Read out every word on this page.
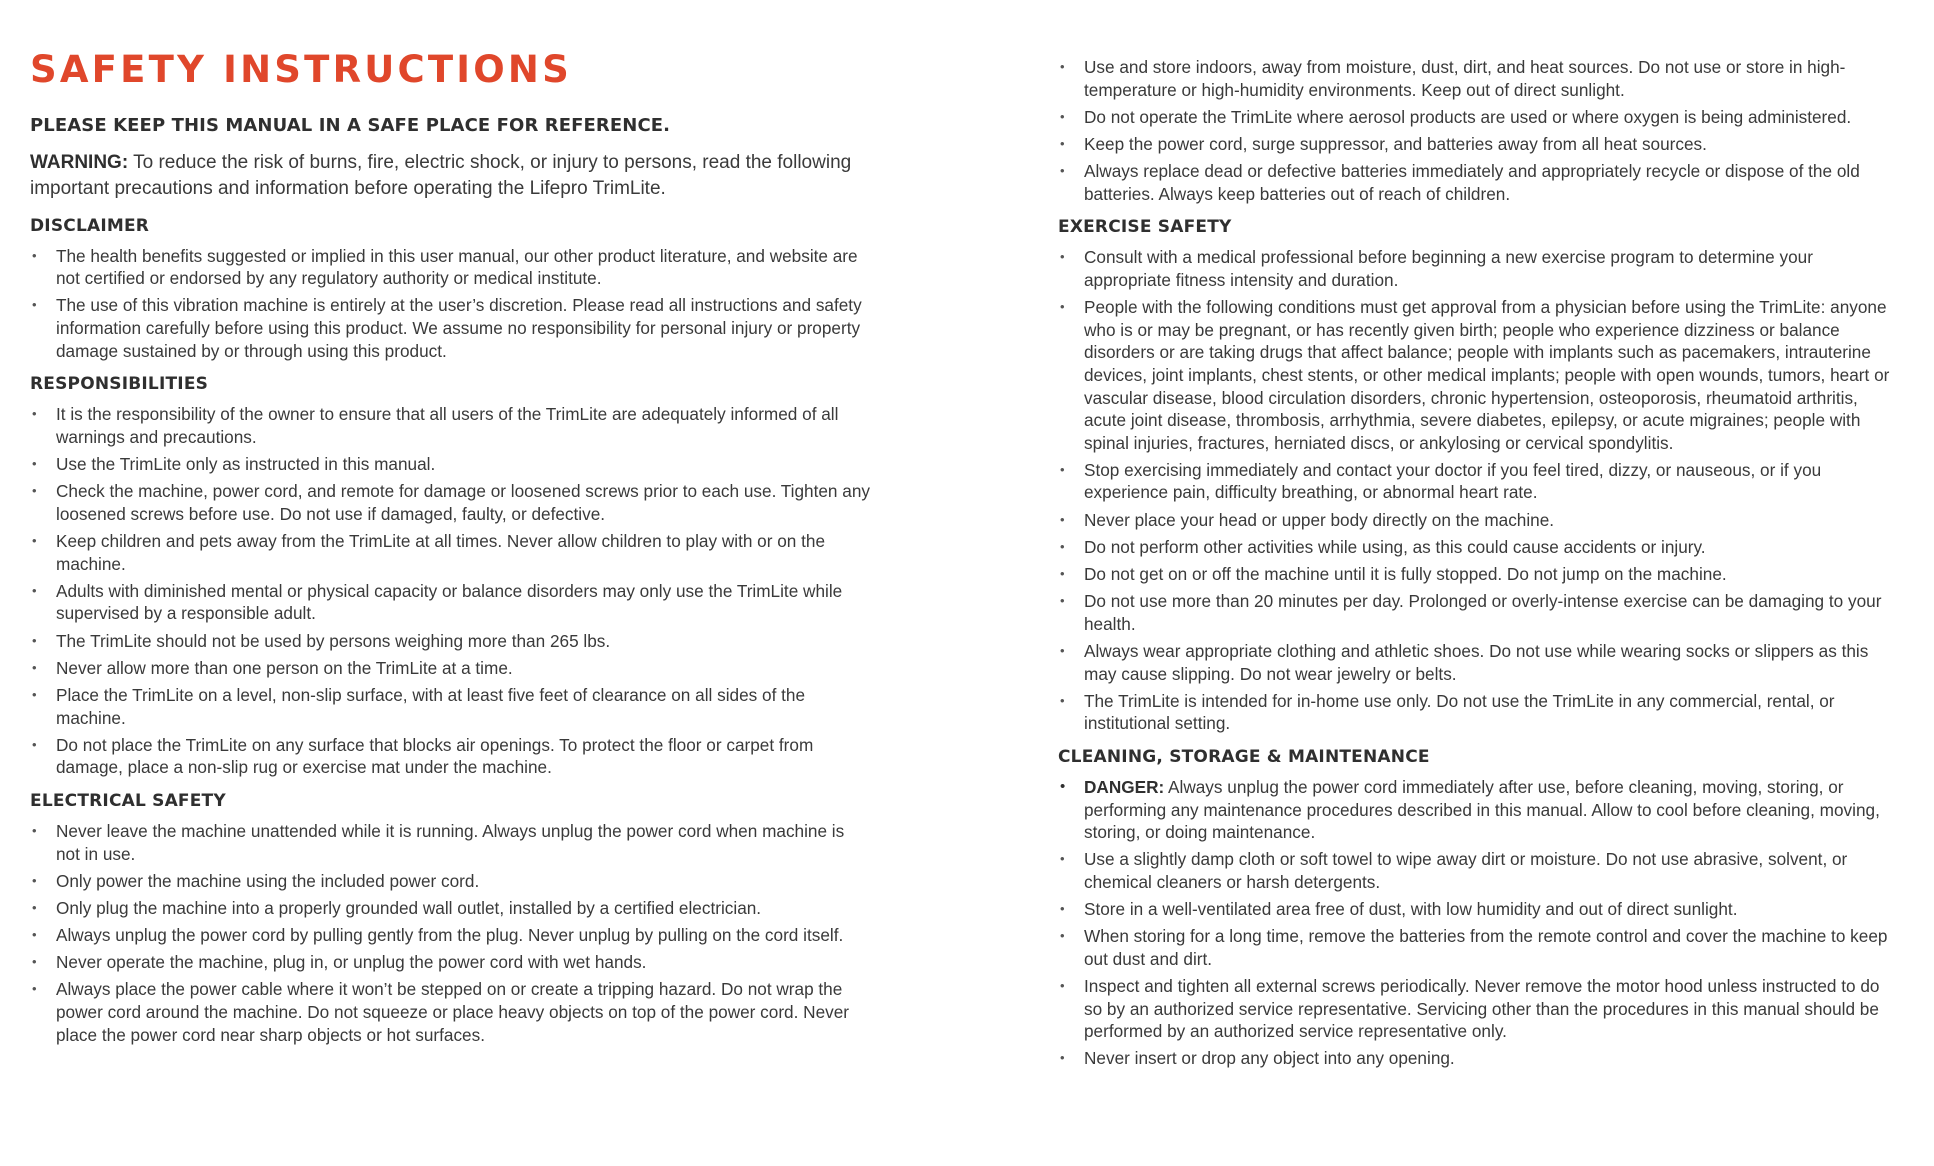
SAFETY INSTRUCTIONS
PLEASE KEEP THIS MANUAL IN A SAFE PLACE FOR REFERENCE.

WARNING: To reduce the risk of burns, fire, electric shock, or injury to persons, read the following important precautions and information before operating the Lifepro TrimLite.

DISCLAIMER
• The health benefits suggested or implied in this user manual, our other product literature, and website are not certified or endorsed by any regulatory authority or medical institute.
• The use of this vibration machine is entirely at the user’s discretion. Please read all instructions and safety information carefully before using this product. We assume no responsibility for personal injury or property damage sustained by or through using this product.
RESPONSIBILITIES
• It is the responsibility of the owner to ensure that all users of the TrimLite are adequately informed of all warnings and precautions.
• Use the TrimLite only as instructed in this manual.
• Check the machine, power cord, and remote for damage or loosened screws prior to each use. Tighten any loosened screws before use. Do not use if damaged, faulty, or defective.
• Keep children and pets away from the TrimLite at all times. Never allow children to play with or on the machine.
• Adults with diminished mental or physical capacity or balance disorders may only use the TrimLite while supervised by a responsible adult.
• The TrimLite should not be used by persons weighing more than 265 lbs.
• Never allow more than one person on the TrimLite at a time.
• Place the TrimLite on a level, non-slip surface, with at least five feet of clearance on all sides of the machine.
• Do not place the TrimLite on any surface that blocks air openings. To protect the floor or carpet from damage, place a non-slip rug or exercise mat under the machine.
ELECTRICAL SAFETY
• Never leave the machine unattended while it is running. Always unplug the power cord when machine is not in use.
• Only power the machine using the included power cord.
• Only plug the machine into a properly grounded wall outlet, installed by a certified electrician.
• Always unplug the power cord by pulling gently from the plug. Never unplug by pulling on the cord itself.
• Never operate the machine, plug in, or unplug the power cord with wet hands.
• Always place the power cable where it won’t be stepped on or create a tripping hazard. Do not wrap the power cord around the machine. Do not squeeze or place heavy objects on top of the power cord. Never place the power cord near sharp objects or hot surfaces.
• Use and store indoors, away from moisture, dust, dirt, and heat sources. Do not use or store in high-temperature or high-humidity environments. Keep out of direct sunlight.
• Do not operate the TrimLite where aerosol products are used or where oxygen is being administered.
• Keep the power cord, surge suppressor, and batteries away from all heat sources.
• Always replace dead or defective batteries immediately and appropriately recycle or dispose of the old batteries. Always keep batteries out of reach of children.
EXERCISE SAFETY
• Consult with a medical professional before beginning a new exercise program to determine your appropriate fitness intensity and duration.
• People with the following conditions must get approval from a physician before using the TrimLite: anyone who is or may be pregnant, or has recently given birth; people who experience dizziness or balance disorders or are taking drugs that affect balance; people with implants such as pacemakers, intrauterine devices, joint implants, chest stents, or other medical implants; people with open wounds, tumors, heart or vascular disease, blood circulation disorders, chronic hypertension, osteoporosis, rheumatoid arthritis, acute joint disease, thrombosis, arrhythmia, severe diabetes, epilepsy, or acute migraines; people with spinal injuries, fractures, herniated discs, or ankylosing or cervical spondylitis.
• Stop exercising immediately and contact your doctor if you feel tired, dizzy, or nauseous, or if you experience pain, difficulty breathing, or abnormal heart rate.
• Never place your head or upper body directly on the machine.
• Do not perform other activities while using, as this could cause accidents or injury.
• Do not get on or off the machine until it is fully stopped. Do not jump on the machine.
• Do not use more than 20 minutes per day. Prolonged or overly-intense exercise can be damaging to your health.
• Always wear appropriate clothing and athletic shoes. Do not use while wearing socks or slippers as this may cause slipping. Do not wear jewelry or belts.
• The TrimLite is intended for in-home use only. Do not use the TrimLite in any commercial, rental, or institutional setting.
CLEANING, STORAGE & MAINTENANCE
• DANGER: Always unplug the power cord immediately after use, before cleaning, moving, storing, or performing any maintenance procedures described in this manual. Allow to cool before cleaning, moving, storing, or doing maintenance.
• Use a slightly damp cloth or soft towel to wipe away dirt or moisture. Do not use abrasive, solvent, or chemical cleaners or harsh detergents.
• Store in a well-ventilated area free of dust, with low humidity and out of direct sunlight.
• When storing for a long time, remove the batteries from the remote control and cover the machine to keep out dust and dirt.
• Inspect and tighten all external screws periodically. Never remove the motor hood unless instructed to do so by an authorized service representative. Servicing other than the procedures in this manual should be performed by an authorized service representative only.
• Never insert or drop any object into any opening.
